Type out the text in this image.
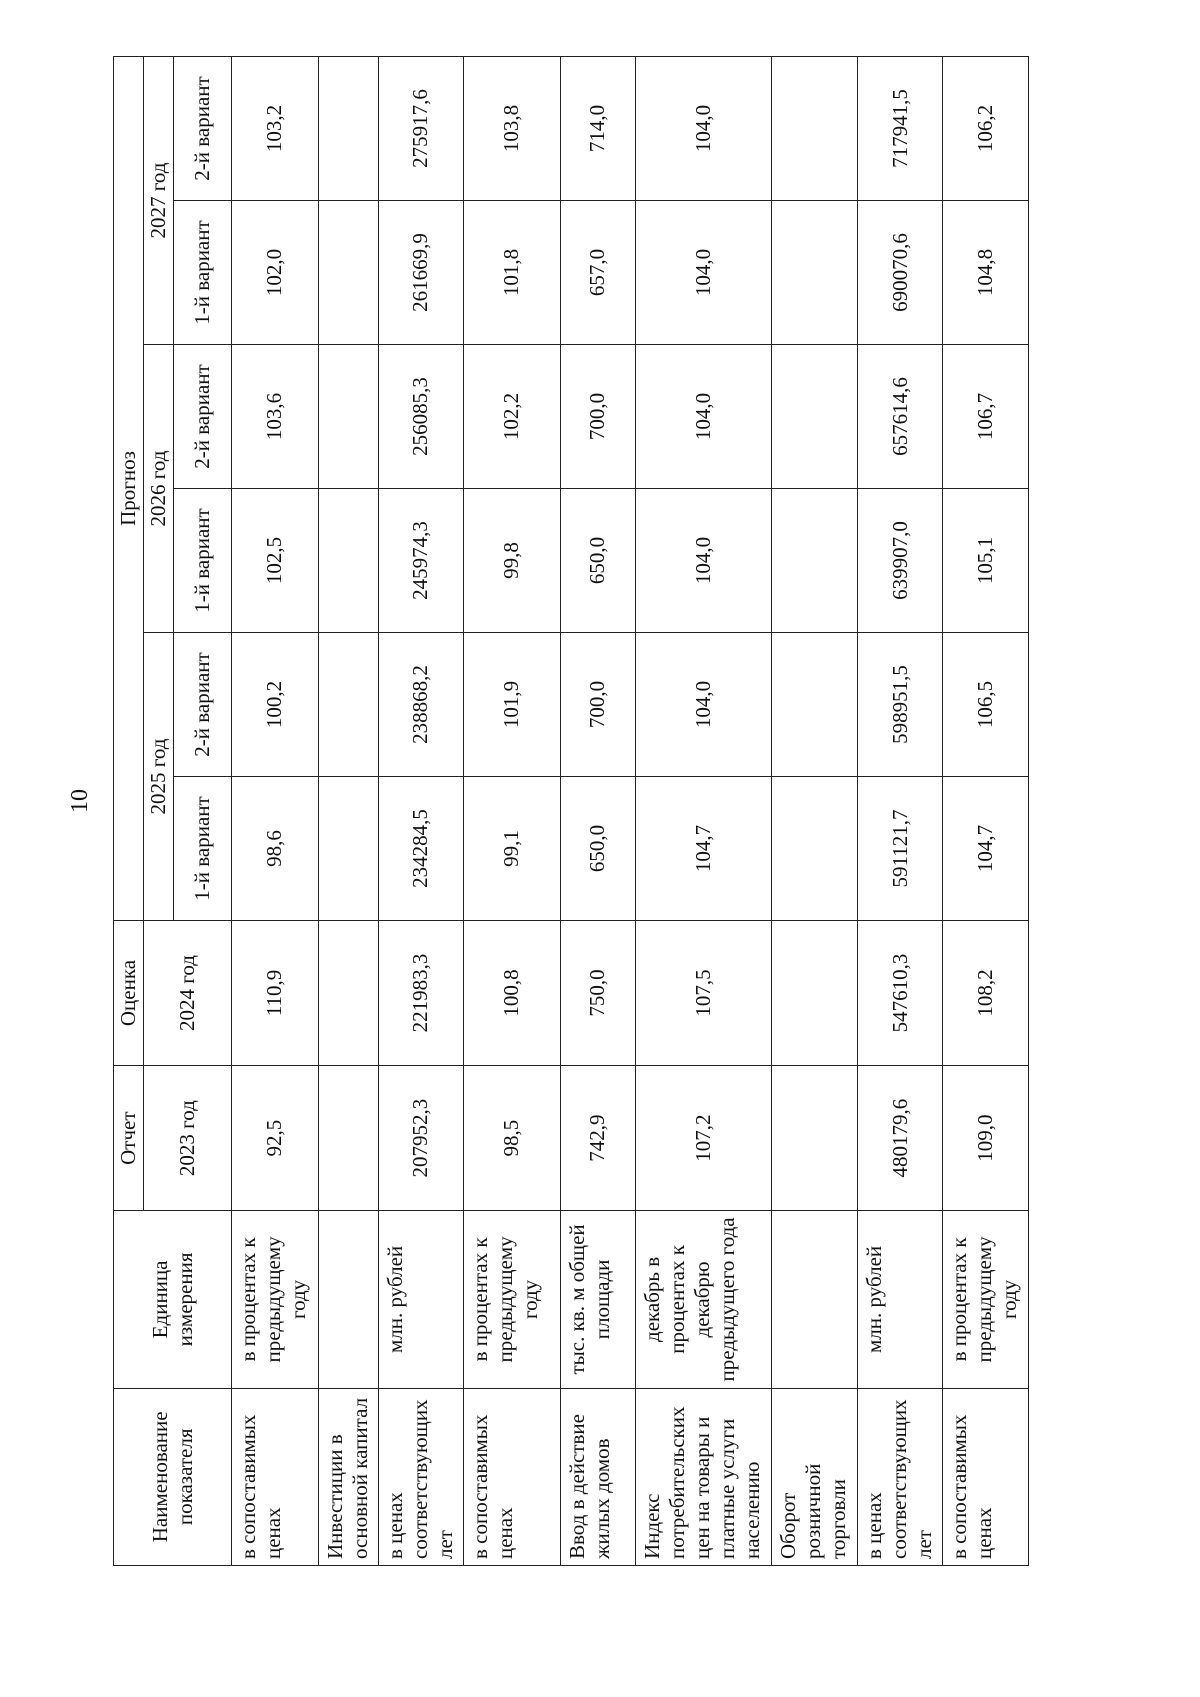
10
Наименование показателя	Единица измерения	Отчет	Оценка	Прогноз					
		2023 год	2024 год	2025 год		2026 год		2027 год	
				1-й вариант	2-й вариант	1-й вариант	2-й вариант	1-й вариант	2-й вариант
в сопоставимых ценах	в процентах к предыдущему году	92,5	110,9	98,6	100,2	102,5	103,6	102,0	103,2
Инвестиции в основной капитал									
в ценах соответствующих лет	млн. рублей	207952,3	221983,3	234284,5	238868,2	245974,3	256085,3	261669,9	275917,6
в сопоставимых ценах	в процентах к предыдущему году	98,5	100,8	99,1	101,9	99,8	102,2	101,8	103,8
Ввод в действие жилых домов	тыс. кв. м общей площади	742,9	750,0	650,0	700,0	650,0	700,0	657,0	714,0
Индекс потребительских цен на товары и платные услуги населению	декабрь в процентах к декабрю предыдущего года	107,2	107,5	104,7	104,0	104,0	104,0	104,0	104,0
Оборот розничной торговли									
в ценах соответствующих лет	млн. рублей	480179,6	547610,3	591121,7	598951,5	639907,0	657614,6	690070,6	717941,5
в сопоставимых ценах	в процентах к предыдущему году	109,0	108,2	104,7	106,5	105,1	106,7	104,8	106,2
